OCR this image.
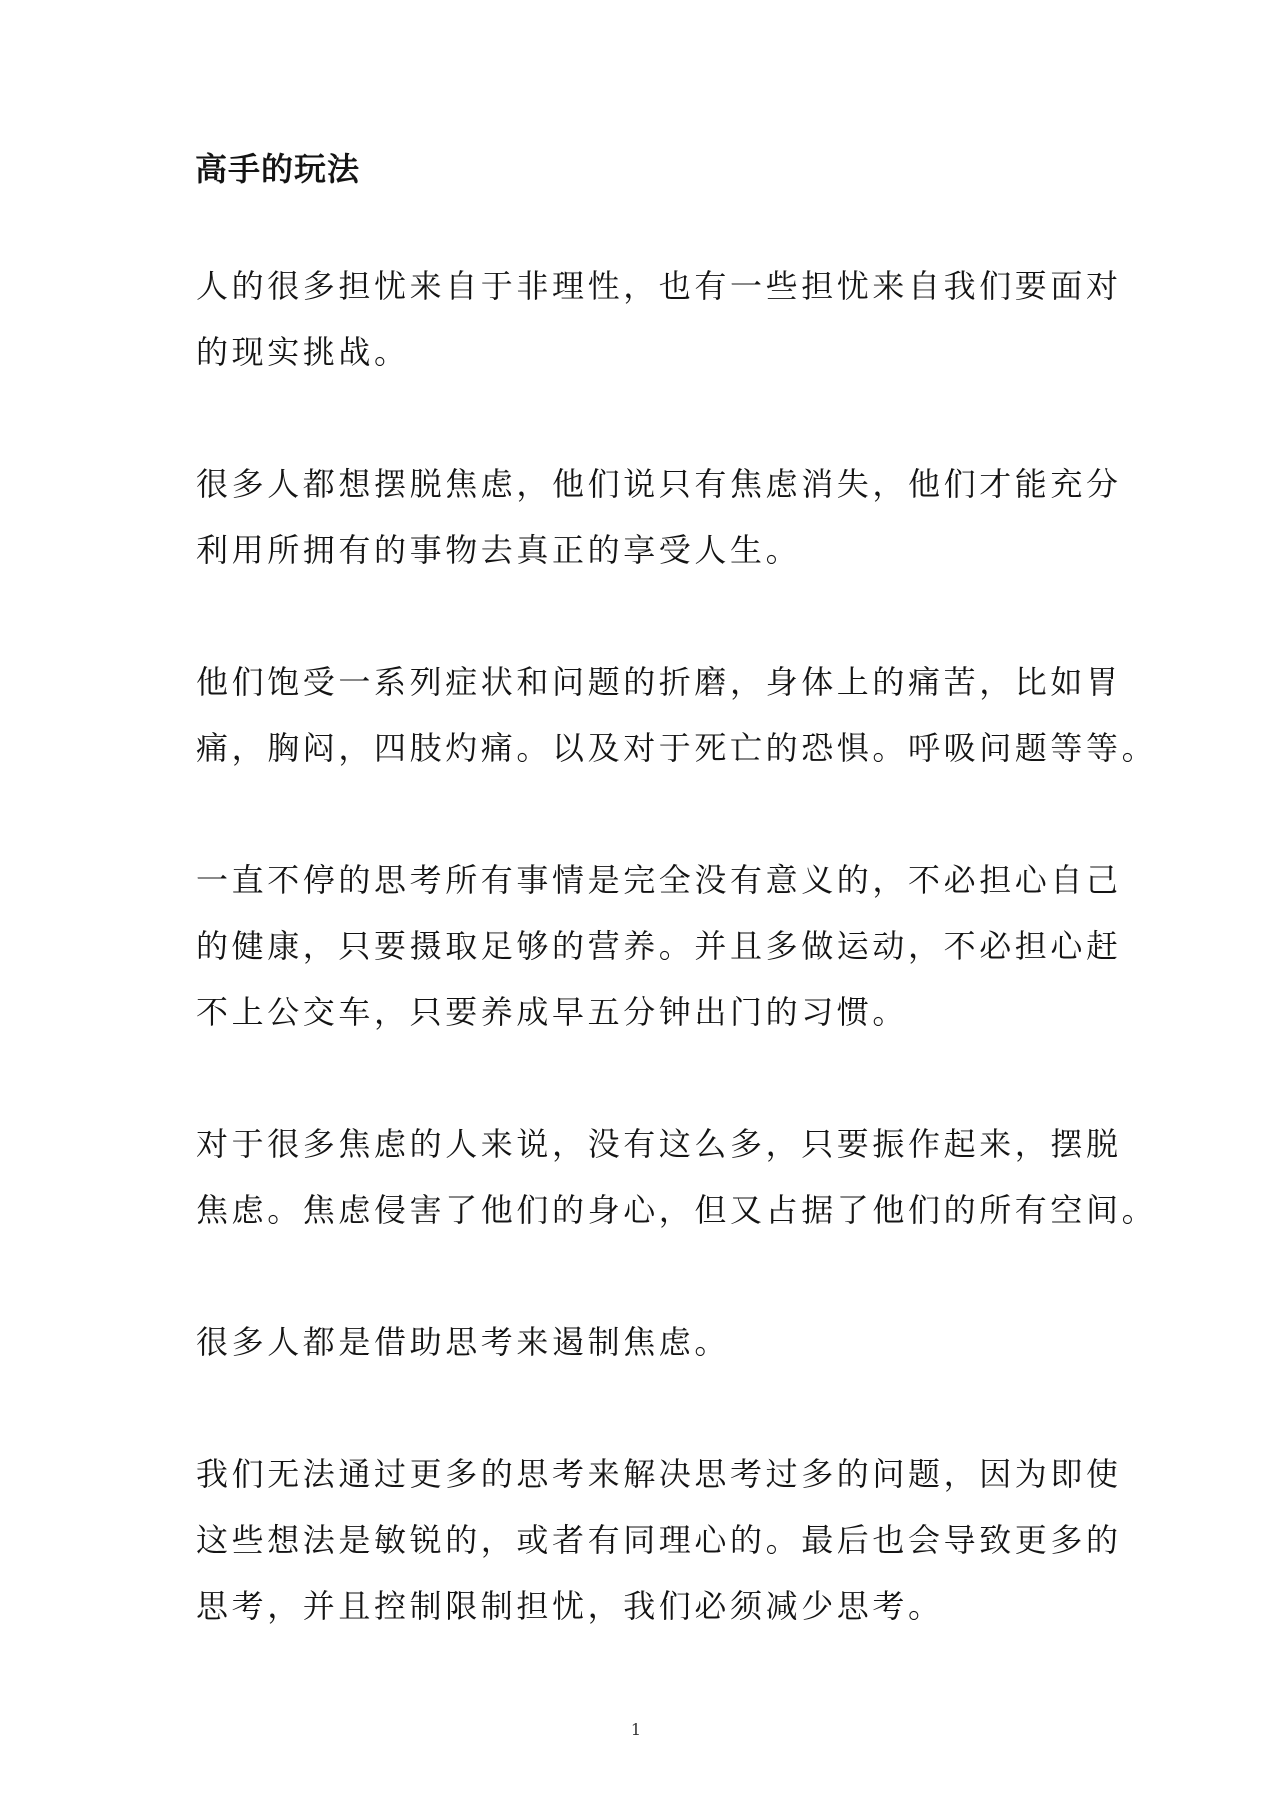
高手的玩法

人的很多担忧来自于非理性，也有一些担忧来自我们要面对
的现实挑战。

很多人都想摆脱焦虑，他们说只有焦虑消失，他们才能充分
利用所拥有的事物去真正的享受人生。

他们饱受一系列症状和问题的折磨，身体上的痛苦，比如胃
痛，胸闷，四肢灼痛。以及对于死亡的恐惧。呼吸问题等等。

一直不停的思考所有事情是完全没有意义的，不必担心自己
的健康，只要摄取足够的营养。并且多做运动，不必担心赶
不上公交车，只要养成早五分钟出门的习惯。

对于很多焦虑的人来说，没有这么多，只要振作起来，摆脱
焦虑。焦虑侵害了他们的身心，但又占据了他们的所有空间。

很多人都是借助思考来遏制焦虑。

我们无法通过更多的思考来解决思考过多的问题，因为即使
这些想法是敏锐的，或者有同理心的。最后也会导致更多的
思考，并且控制限制担忧，我们必须减少思考。

1
